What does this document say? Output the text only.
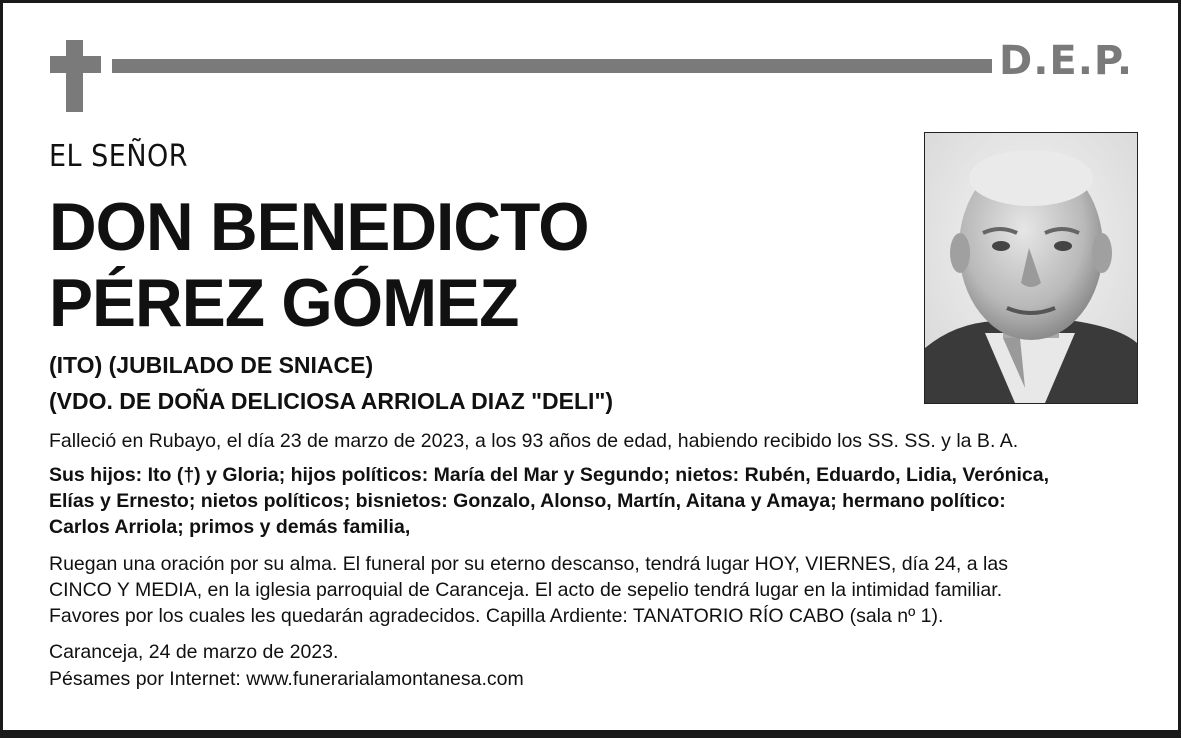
D.E.P.
EL SEÑOR
DON BENEDICTO
PÉREZ GÓMEZ
(ITO) (JUBILADO DE SNIACE)
(VDO. DE DOÑA DELICIOSA ARRIOLA DIAZ "DELI")
Falleció en Rubayo, el día 23 de marzo de 2023, a los 93 años de edad, habiendo recibido los SS. SS. y la B. A.
Sus hijos: Ito (†) y Gloria; hijos políticos: María del Mar y Segundo; nietos: Rubén, Eduardo, Lidia, Verónica,
Elías y Ernesto; nietos políticos; bisnietos: Gonzalo, Alonso, Martín, Aitana y Amaya; hermano político:
Carlos Arriola; primos y demás familia,
Ruegan una oración por su alma. El funeral por su eterno descanso, tendrá lugar HOY, VIERNES, día 24, a las
CINCO Y MEDIA, en la iglesia parroquial de Caranceja. El acto de sepelio tendrá lugar en la intimidad familiar.
Favores por los cuales les quedarán agradecidos. Capilla Ardiente: TANATORIO RÍO CABO (sala nº 1).
Caranceja, 24 de marzo de 2023.
Pésames por Internet: www.funerarialamontanesa.com
